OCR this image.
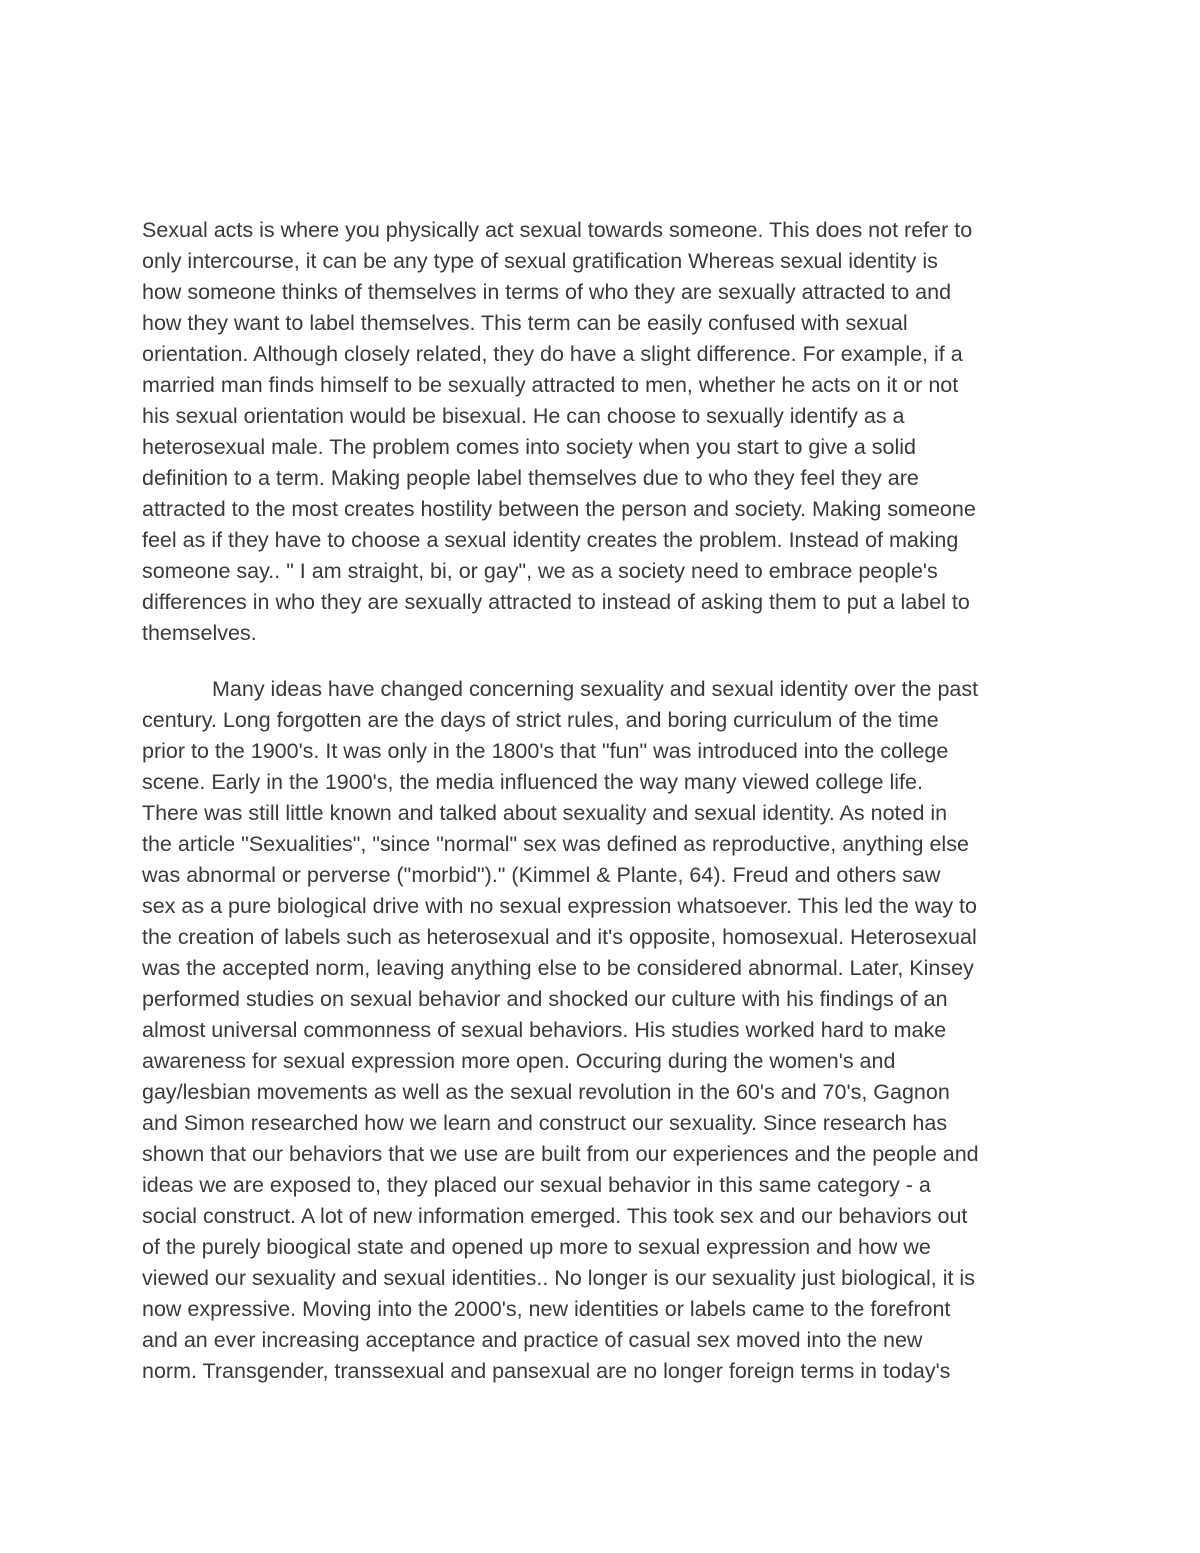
Sexual acts is where you physically act sexual towards someone. This does not refer to
only intercourse, it can be any type of sexual gratification Whereas sexual identity is
how someone thinks of themselves in terms of who they are sexually attracted to and
how they want to label themselves. This term can be easily confused with sexual
orientation. Although closely related, they do have a slight difference. For example, if a
married man finds himself to be sexually attracted to men, whether he acts on it or not
his sexual orientation would be bisexual. He can choose to sexually identify as a
heterosexual male. The problem comes into society when you start to give a solid
definition to a term. Making people label themselves due to who they feel they are
attracted to the most creates hostility between the person and society. Making someone
feel as if they have to choose a sexual identity creates the problem. Instead of making
someone say.. " I am straight, bi, or gay", we as a society need to embrace people's
differences in who they are sexually attracted to instead of asking them to put a label to
themselves.
Many ideas have changed concerning sexuality and sexual identity over the past
century. Long forgotten are the days of strict rules, and boring curriculum of the time
prior to the 1900's. It was only in the 1800's that "fun" was introduced into the college
scene. Early in the 1900's, the media influenced the way many viewed college life.
There was still little known and talked about sexuality and sexual identity. As noted in
the article "Sexualities", "since "normal" sex was defined as reproductive, anything else
was abnormal or perverse ("morbid")." (Kimmel & Plante, 64). Freud and others saw
sex as a pure biological drive with no sexual expression whatsoever. This led the way to
the creation of labels such as heterosexual and it's opposite, homosexual. Heterosexual
was the accepted norm, leaving anything else to be considered abnormal. Later, Kinsey
performed studies on sexual behavior and shocked our culture with his findings of an
almost universal commonness of sexual behaviors. His studies worked hard to make
awareness for sexual expression more open. Occuring during the women's and
gay/lesbian movements as well as the sexual revolution in the 60's and 70's, Gagnon
and Simon researched how we learn and construct our sexuality. Since research has
shown that our behaviors that we use are built from our experiences and the people and
ideas we are exposed to, they placed our sexual behavior in this same category - a
social construct. A lot of new information emerged. This took sex and our behaviors out
of the purely bioogical state and opened up more to sexual expression and how we
viewed our sexuality and sexual identities.. No longer is our sexuality just biological, it is
now expressive. Moving into the 2000's, new identities or labels came to the forefront
and an ever increasing acceptance and practice of casual sex moved into the new
norm. Transgender, transsexual and pansexual are no longer foreign terms in today's
